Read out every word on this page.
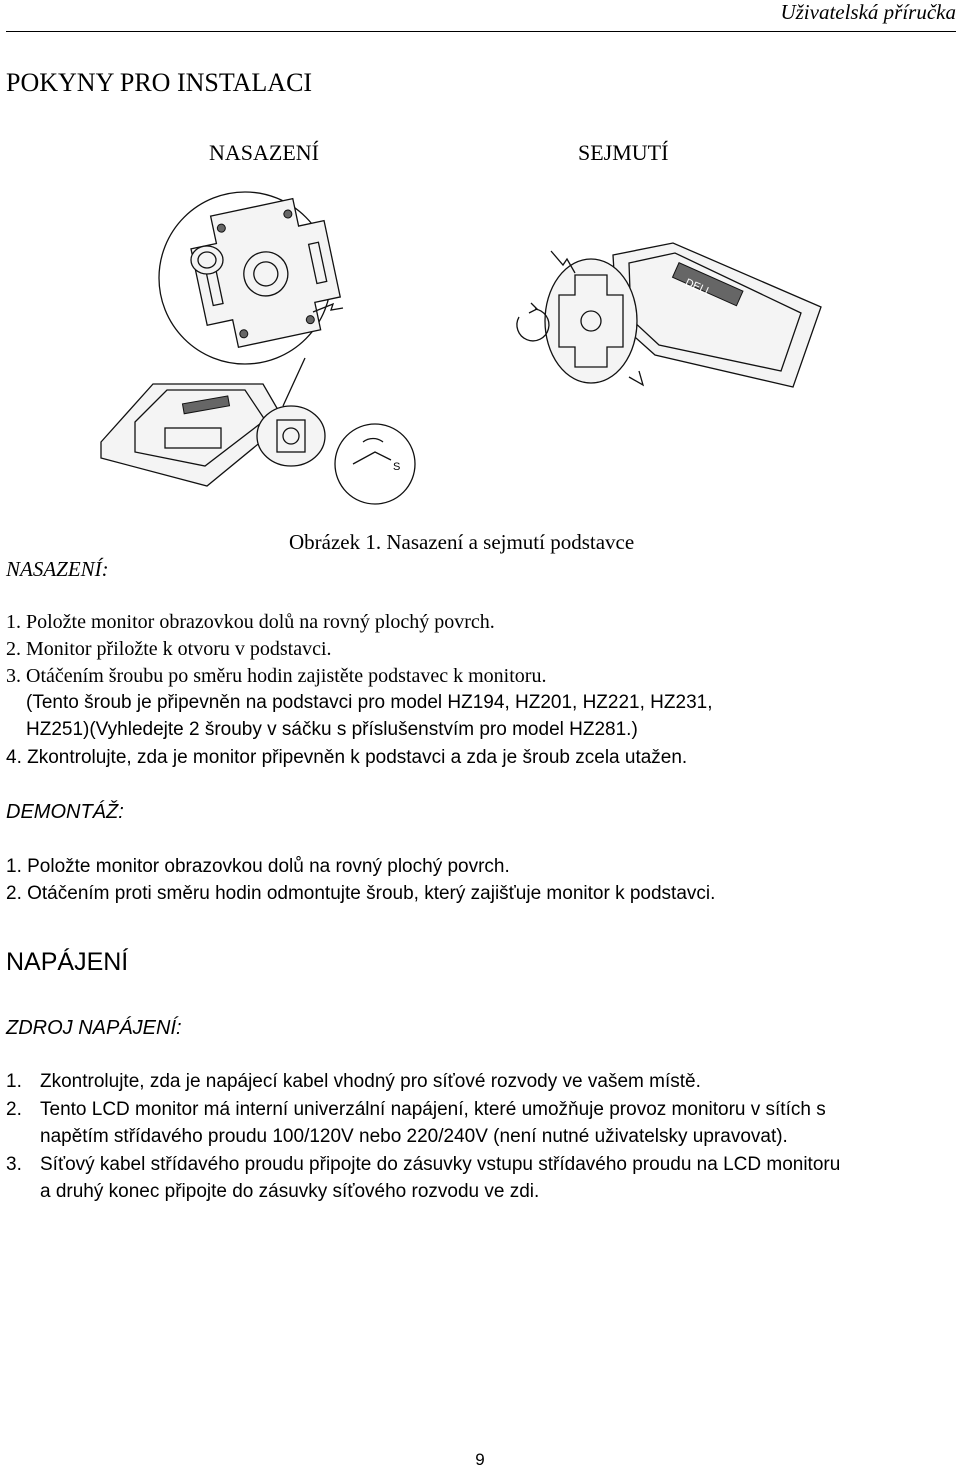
Uživatelská příručka
POKYNY PRO INSTALACI
NASAZENÍ	SEJMUTÍ
S
DELL
Obrázek 1. Nasazení a sejmutí podstavce
NASAZENÍ:
1. Položte monitor obrazovkou dolů na rovný plochý povrch.
2. Monitor přiložte k otvoru v podstavci.
3. Otáčením šroubu po směru hodin zajistěte podstavec k monitoru.
(Tento šroub je připevněn na podstavci pro model HZ194, HZ201, HZ221, HZ231,
HZ251)(Vyhledejte 2 šrouby v sáčku s příslušenstvím pro model HZ281.)
4. Zkontrolujte, zda je monitor připevněn k podstavci a zda je šroub zcela utažen.
DEMONTÁŽ:
1. Položte monitor obrazovkou dolů na rovný plochý povrch.
2. Otáčením proti směru hodin odmontujte šroub, který zajišťuje monitor k podstavci.
NAPÁJENÍ
ZDROJ NAPÁJENÍ:
1. Zkontrolujte, zda je napájecí kabel vhodný pro síťové rozvody ve vašem místě.
2. Tento LCD monitor má interní univerzální napájení, které umožňuje provoz monitoru v sítích s
napětím střídavého proudu 100/120V nebo 220/240V (není nutné uživatelsky upravovat).
3. Síťový kabel střídavého proudu připojte do zásuvky vstupu střídavého proudu na LCD monitoru
a druhý konec připojte do zásuvky síťového rozvodu ve zdi.
9
